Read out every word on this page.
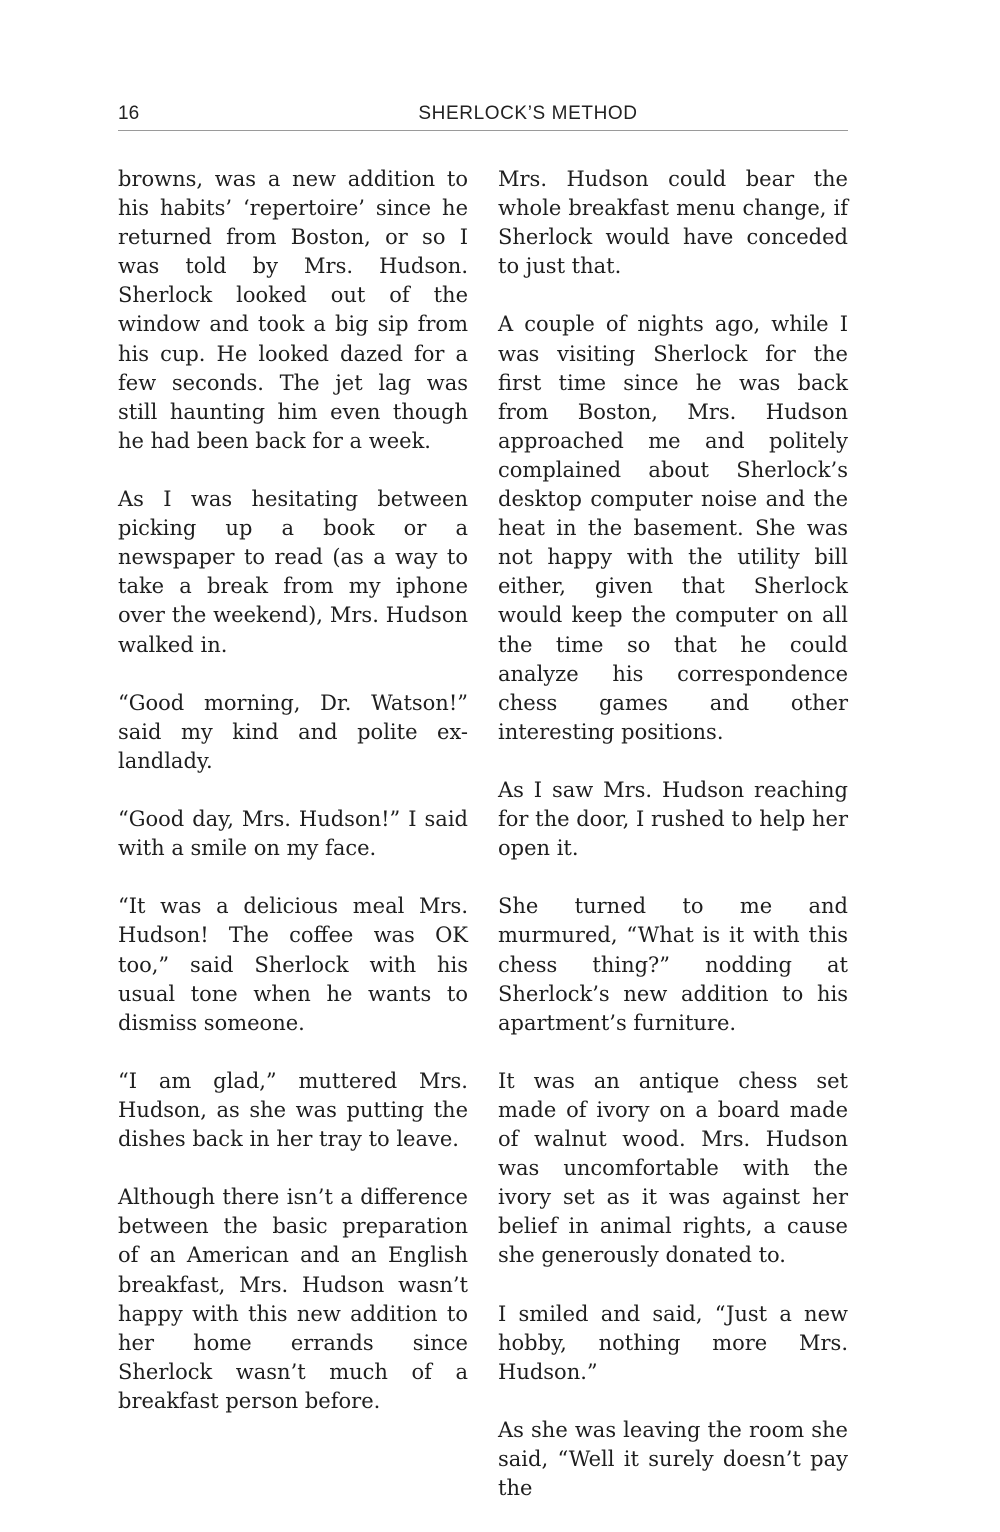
16	SHERLOCK’S METHOD

browns, was a new addition to his habits’ ‘repertoire’ since he returned from Boston, or so I was told by Mrs. Hudson. Sherlock looked out of the window and took a big sip from his cup. He looked dazed for a few seconds. The jet lag was still haunting him even though he had been back for a week.

As I was hesitating between picking up a book or a newspaper to read (as a way to take a break from my iphone over the weekend), Mrs. Hudson walked in.

“Good morning, Dr. Watson!” said my kind and polite ex-landlady.

“Good day, Mrs. Hudson!” I said with a smile on my face.

“It was a delicious meal Mrs. Hudson! The coffee was OK too,” said Sherlock with his usual tone when he wants to dismiss someone.

“I am glad,” muttered Mrs. Hudson, as she was putting the dishes back in her tray to leave.

Although there isn’t a difference between the basic preparation of an American and an English breakfast, Mrs. Hudson wasn’t happy with this new addition to her home errands since Sherlock wasn’t much of a breakfast person before.

Mrs. Hudson could bear the whole breakfast menu change, if Sherlock would have conceded to just that.

A couple of nights ago, while I was visiting Sherlock for the first time since he was back from Boston, Mrs. Hudson approached me and politely complained about Sherlock’s desktop computer noise and the heat in the basement. She was not happy with the utility bill either, given that Sherlock would keep the computer on all the time so that he could analyze his correspondence chess games and other interesting positions.

As I saw Mrs. Hudson reaching for the door, I rushed to help her open it.

She turned to me and murmured, “What is it with this chess thing?” nodding at Sherlock’s new addition to his apartment’s furniture.

It was an antique chess set made of ivory on a board made of walnut wood. Mrs. Hudson was uncomfortable with the ivory set as it was against her belief in animal rights, a cause she generously donated to.

I smiled and said, “Just a new hobby, nothing more Mrs. Hudson.”

As she was leaving the room she said, “Well it surely doesn’t pay the
